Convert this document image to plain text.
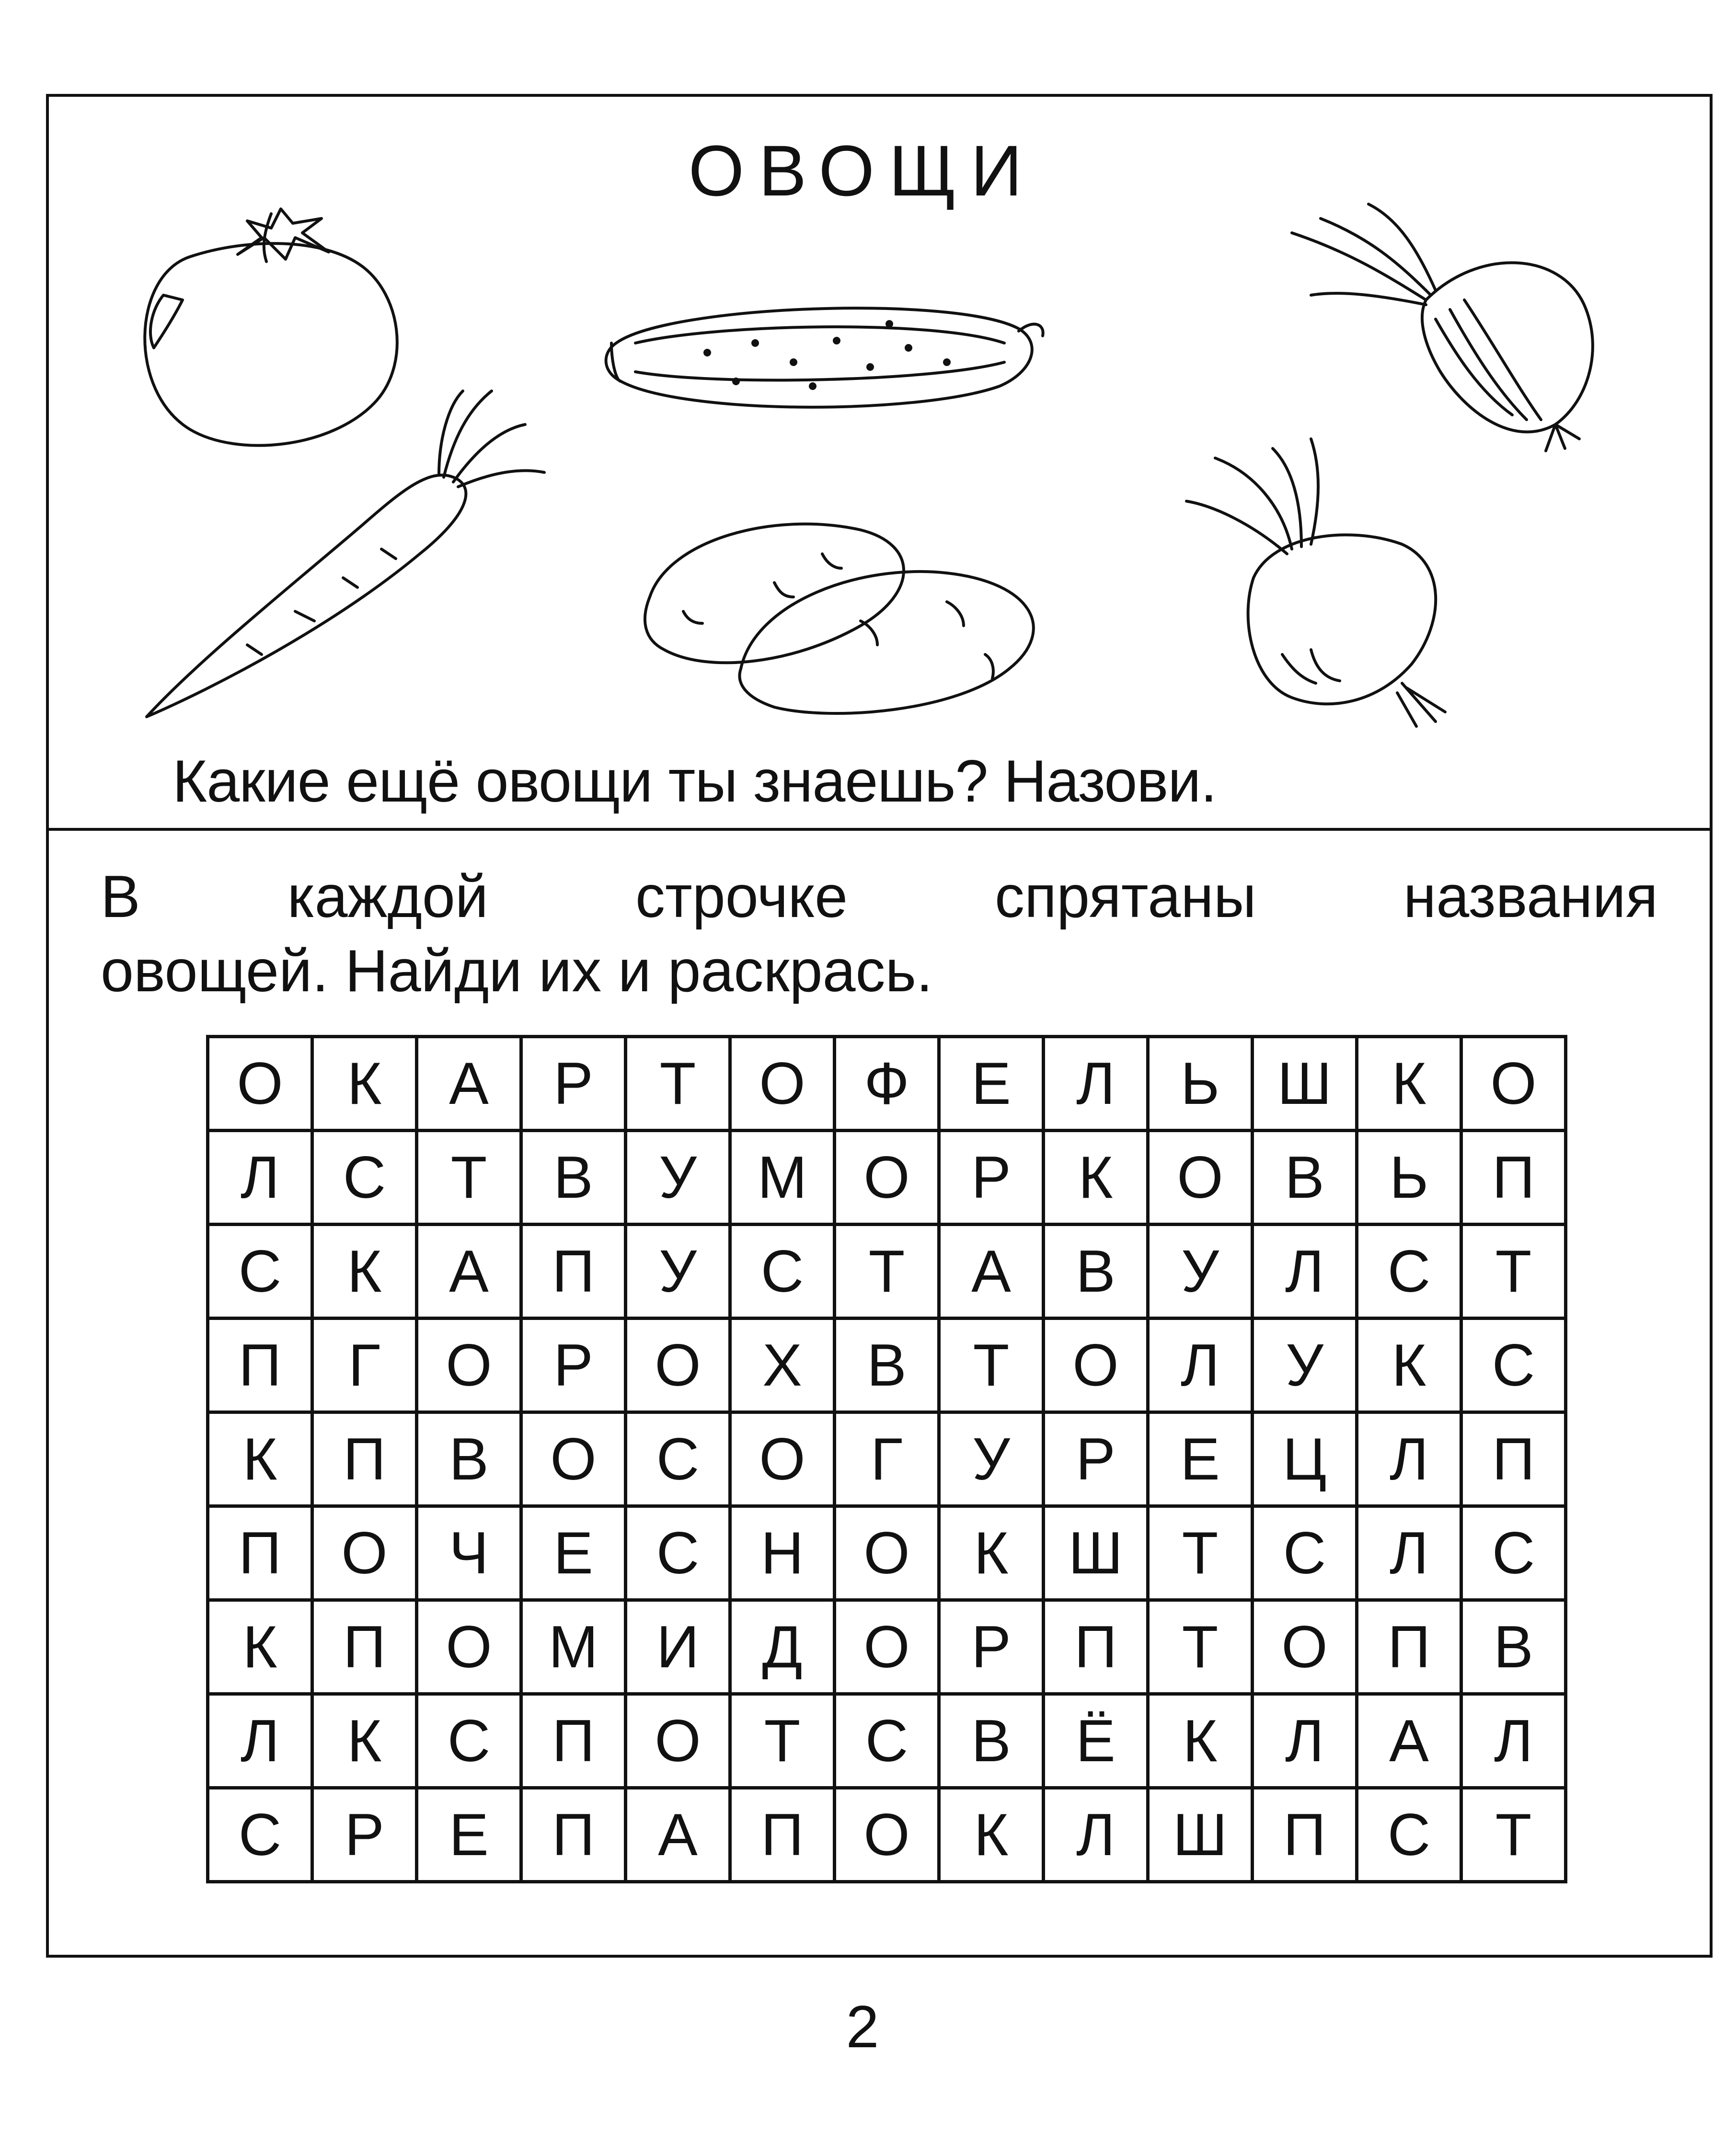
ОВОЩИ
Какие ещё овощи ты знаешь? Назови.
В каждой строчке спрятаны названия
овощей. Найди их и раскрась.
О	К	А	Р	Т	О	Ф	Е	Л	Ь	Ш	К	О
Л	С	Т	В	У	М	О	Р	К	О	В	Ь	П
С	К	А	П	У	С	Т	А	В	У	Л	С	Т
П	Г	О	Р	О	Х	В	Т	О	Л	У	К	С
К	П	В	О	С	О	Г	У	Р	Е	Ц	Л	П
П	О	Ч	Е	С	Н	О	К	Ш	Т	С	Л	С
К	П	О	М	И	Д	О	Р	П	Т	О	П	В
Л	К	С	П	О	Т	С	В	Ё	К	Л	А	Л
С	Р	Е	П	А	П	О	К	Л	Ш	П	С	Т
2
